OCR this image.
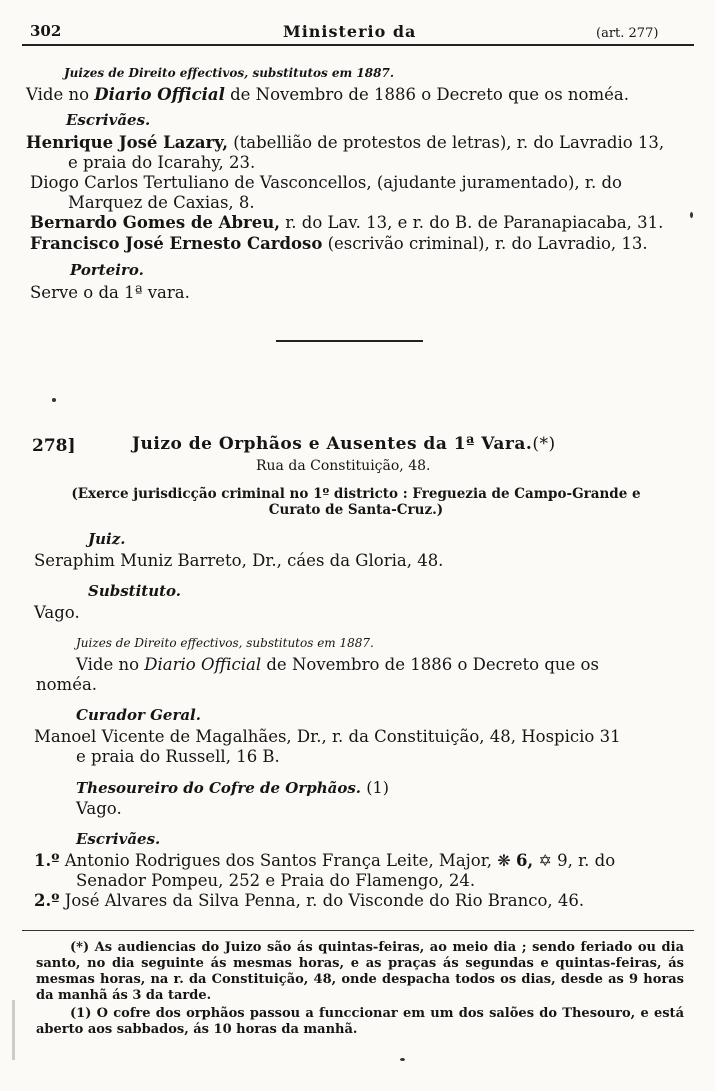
302	Ministerio da	(art. 277)
Juizes de Direito effectivos, substitutos em 1887.
Vide no Diario Official de Novembro de 1886 o Decreto que os noméa.
Escrivães.
Henrique José Lazary, (tabellião de protestos de letras), r. do Lavradio 13,
e praia do Icarahy, 23.
Diogo Carlos Tertuliano de Vasconcellos, (ajudante juramentado), r. do
Marquez de Caxias, 8.
Bernardo Gomes de Abreu, r. do Lav. 13, e r. do B. de Paranapiacaba, 31.
Francisco José Ernesto Cardoso (escrivão criminal), r. do Lavradio, 13.
Porteiro.
Serve o da 1ª vara.
278]	Juizo de Orphãos e Ausentes da 1ª Vara.(*)
Rua da Constituição, 48.
(Exerce jurisdicção criminal no 1º districto : Freguezia de Campo-Grande e
Curato de Santa-Cruz.)
Juiz.
Seraphim Muniz Barreto, Dr., cáes da Gloria, 48.
Substituto.
Vago.
Juizes de Direito effectivos, substitutos em 1887.
Vide no Diario Official de Novembro de 1886 o Decreto que os
noméa.
Curador Geral.
Manoel Vicente de Magalhães, Dr., r. da Constituição, 48, Hospicio 31
e praia do Russell, 16 B.
Thesoureiro do Cofre de Orphãos. (1)
Vago.
Escrivães.
1.º Antonio Rodrigues dos Santos França Leite, Major, ❋ 6, ✡ 9, r. do
Senador Pompeu, 252 e Praia do Flamengo, 24.
2.º José Alvares da Silva Penna, r. do Visconde do Rio Branco, 46.
(*) As audiencias do Juizo são ás quintas-feiras, ao meio dia ; sendo feriado ou dia santo, no dia seguinte ás mesmas horas, e as praças ás segundas e quintas-feiras, ás mesmas horas, na r. da Constituição, 48, onde despacha todos os dias, desde as 9 horas da manhã ás 3 da tarde.
(1) O cofre dos orphãos passou a funccionar em um dos salões do Thesouro, e está aberto aos sabbados, ás 10 horas da manhã.
